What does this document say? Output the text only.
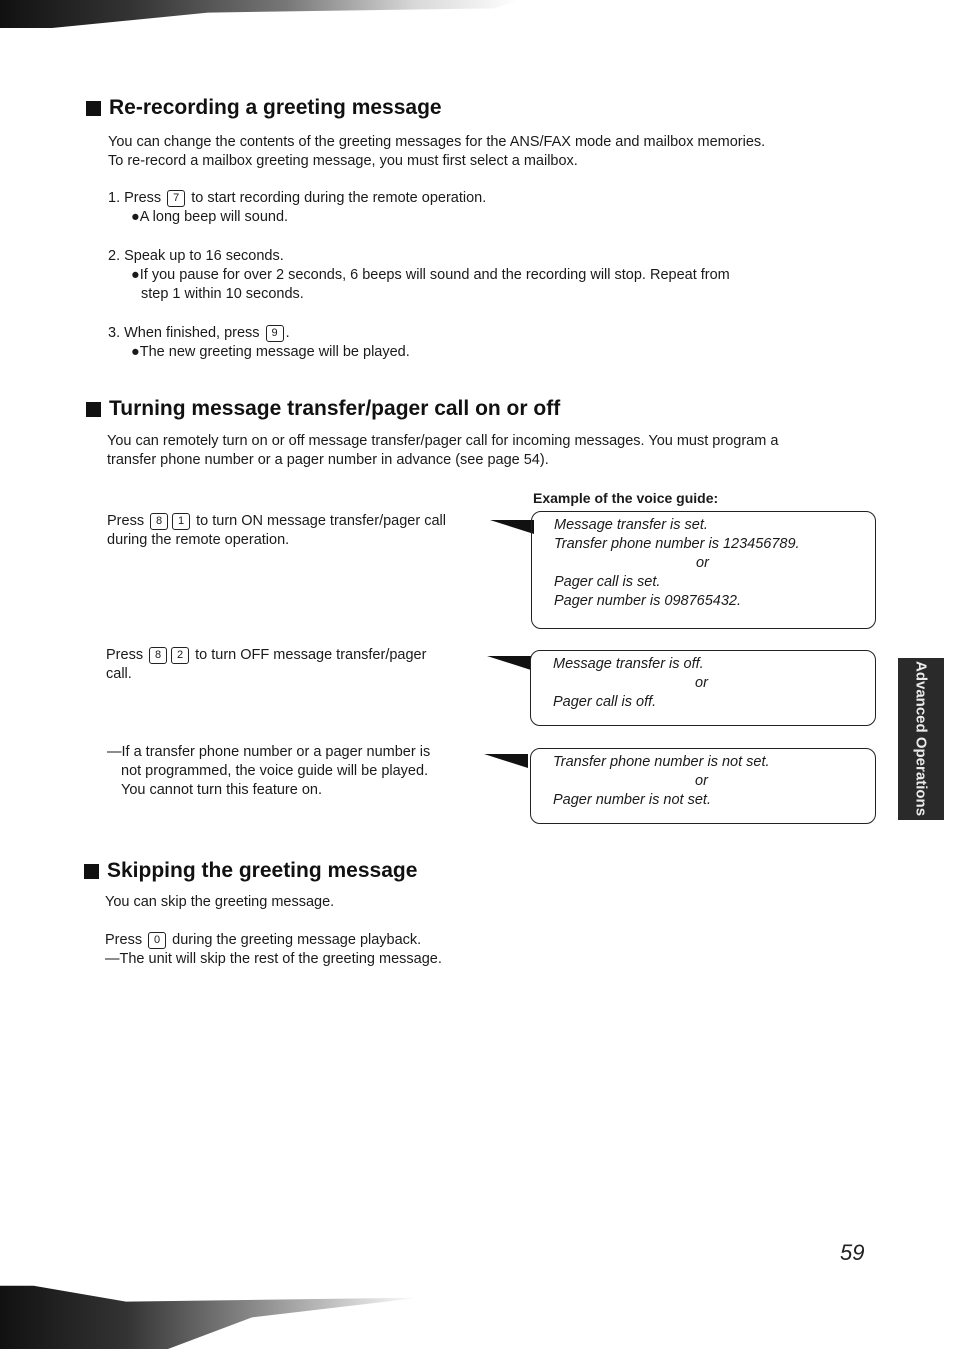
Re-recording a greeting message
You can change the contents of the greeting messages for the ANS/FAX mode and mailbox memories.
To re-record a mailbox greeting message, you must first select a mailbox.
1. Press 7 to start recording during the remote operation.
●A long beep will sound.
2. Speak up to 16 seconds.
●If you pause for over 2 seconds, 6 beeps will sound and the recording will stop. Repeat from
step 1 within 10 seconds.
3. When finished, press 9 .
●The new greeting message will be played.
Turning message transfer/pager call on or off
You can remotely turn on or off message transfer/pager call for incoming messages. You must program a
transfer phone number or a pager number in advance (see page 54).
Example of the voice guide:
Press 8 1 to turn ON message transfer/pager call
during the remote operation.
Message transfer is set.
Transfer phone number is 123456789.
or
Pager call is set.
Pager number is 098765432.
Press 8 2 to turn OFF message transfer/pager
call.
Message transfer is off.
or
Pager call is off.
—If a transfer phone number or a pager number is
not programmed, the voice guide will be played.
You cannot turn this feature on.
Transfer phone number is not set.
or
Pager number is not set.
Skipping the greeting message
You can skip the greeting message.
Press 0 during the greeting message playback.
—The unit will skip the rest of the greeting message.
Advanced Operations
59
